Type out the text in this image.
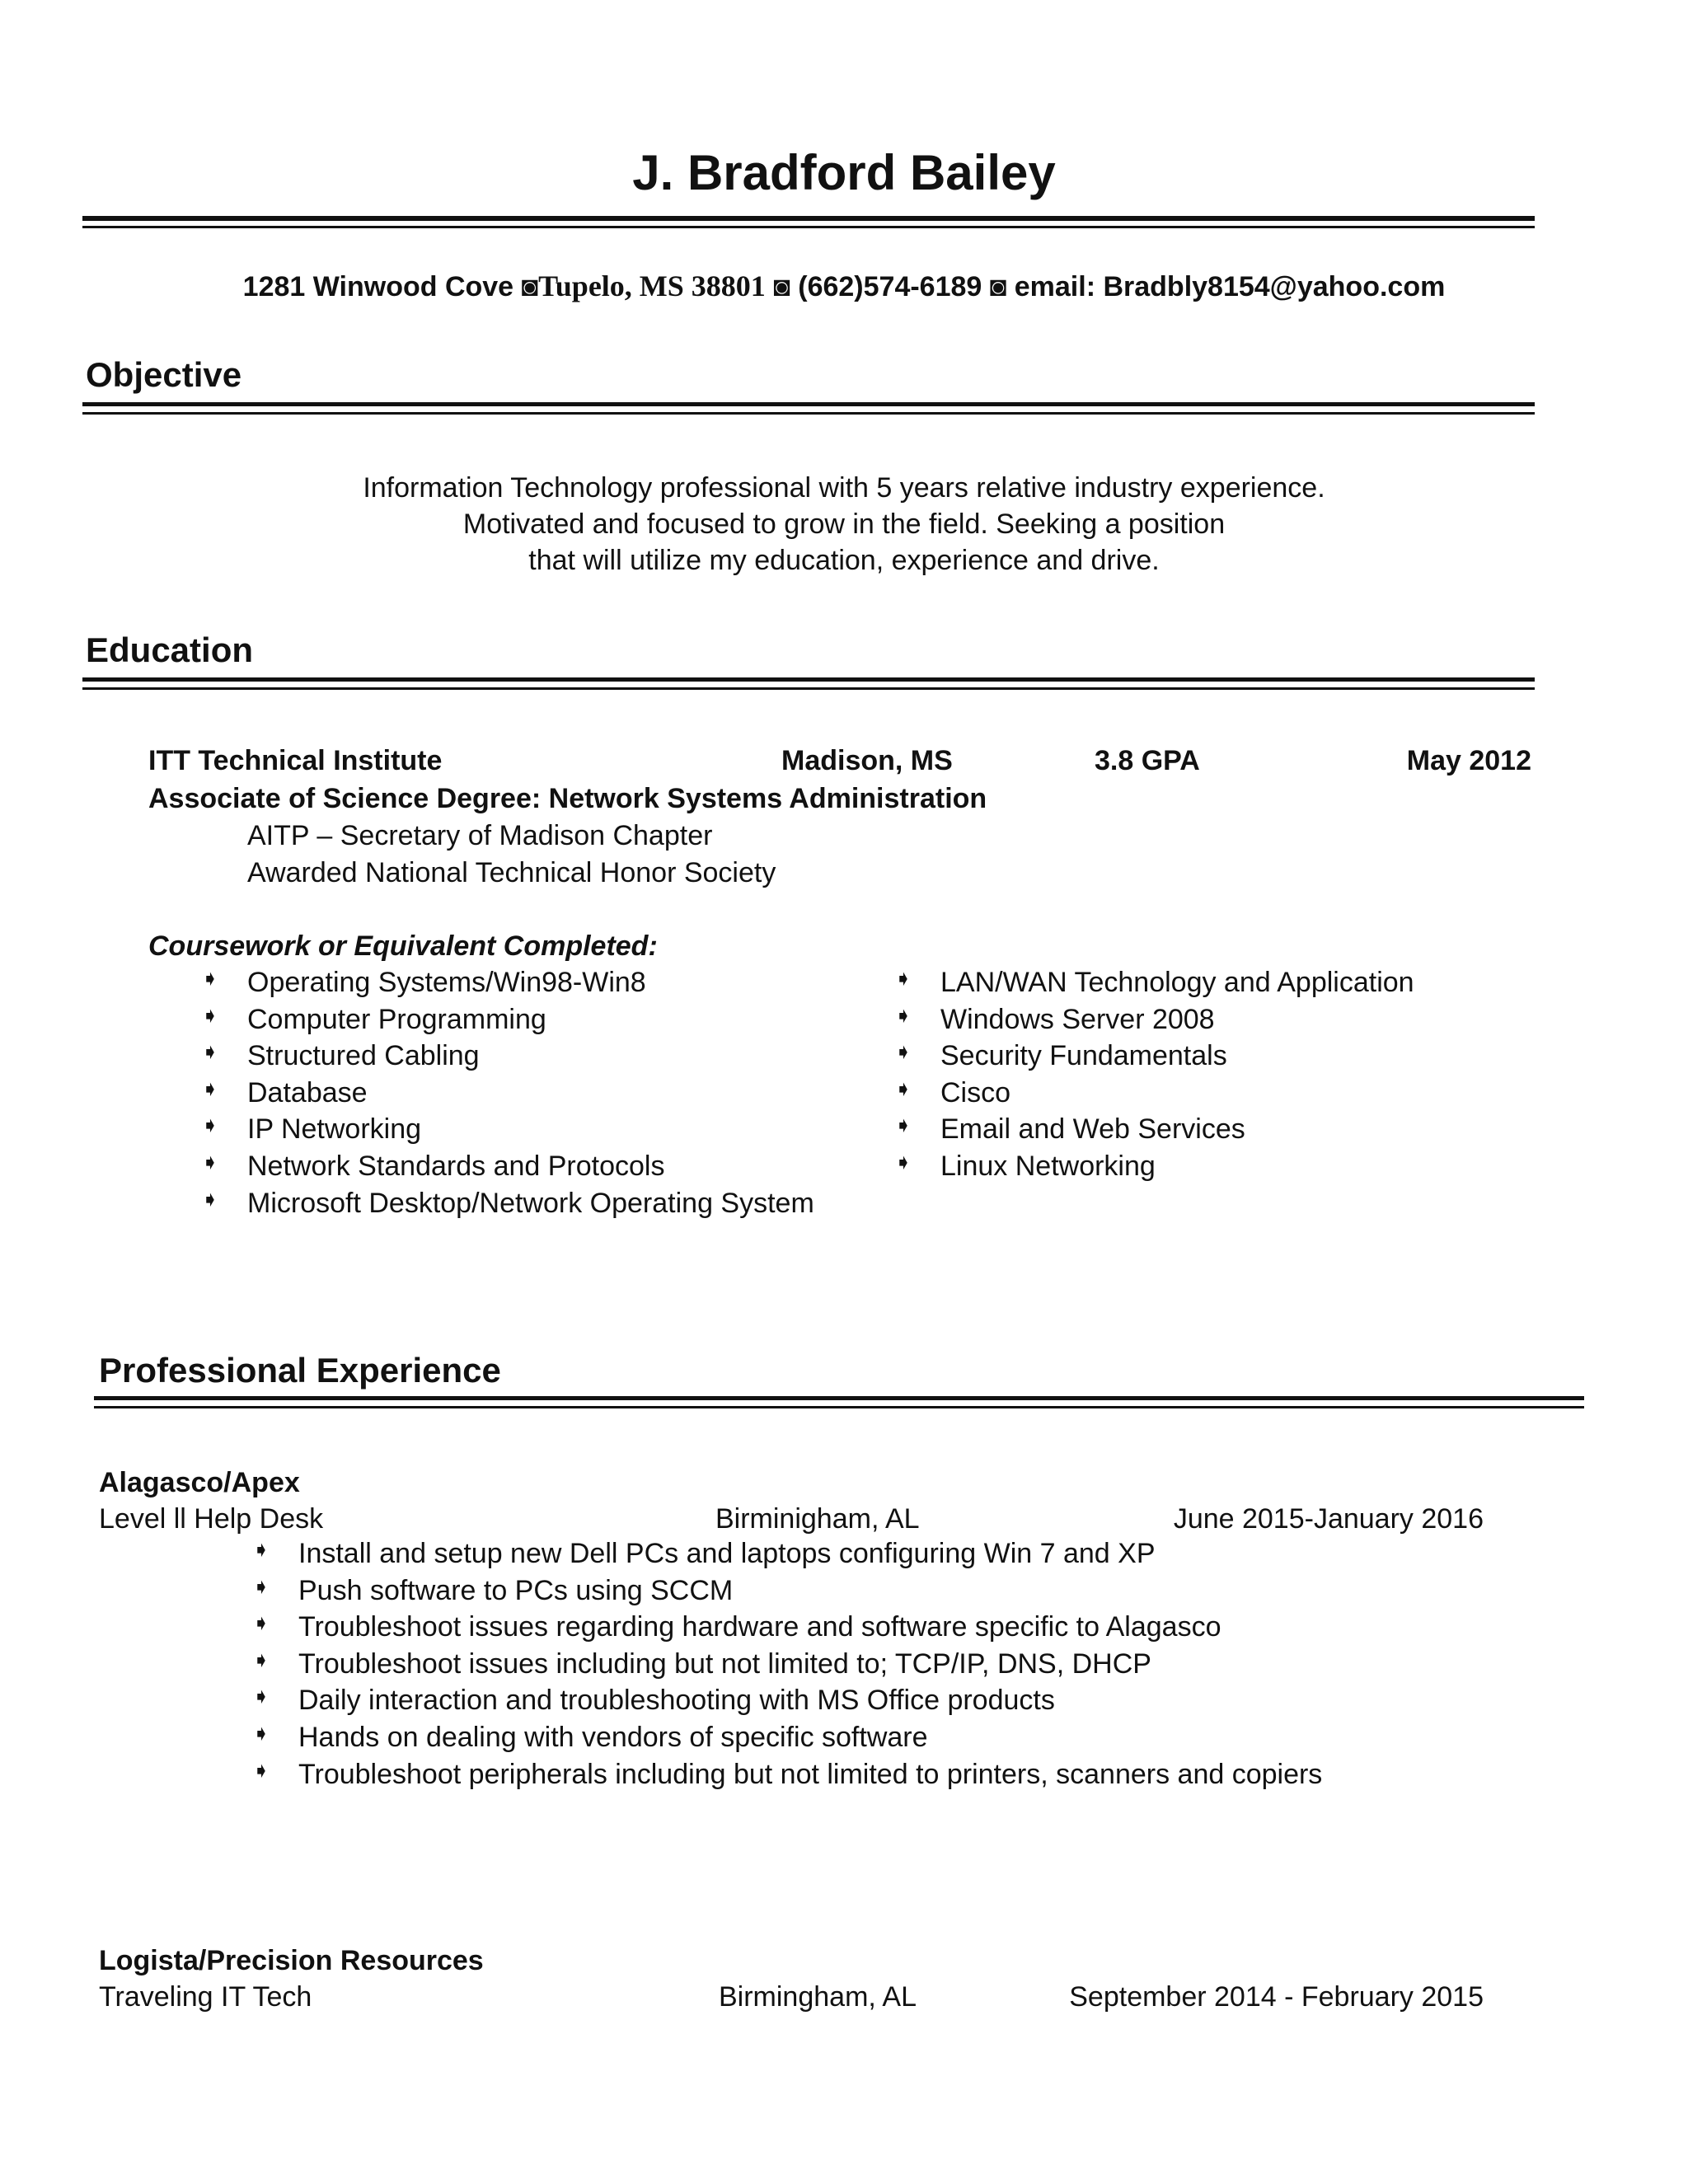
J. Bradford Bailey
1281 Winwood Cove ◙Tupelo, MS 38801 ◙ (662)574-6189 ◙ email: Bradbly8154@yahoo.com
Objective
Information Technology professional with 5 years relative industry experience.
Motivated and focused to grow in the field. Seeking a position
that will utilize my education, experience and drive.
Education
ITT Technical Institute	Madison, MS	3.8 GPA	May 2012
Associate of Science Degree: Network Systems Administration
AITP – Secretary of Madison Chapter
Awarded National Technical Honor Society
Coursework or Equivalent Completed:
➧ Operating Systems/Win98-Win8
➧ Computer Programming
➧ Structured Cabling
➧ Database
➧ IP Networking
➧ Network Standards and Protocols
➧ Microsoft Desktop/Network Operating System
➧ LAN/WAN Technology and Application
➧ Windows Server 2008
➧ Security Fundamentals
➧ Cisco
➧ Email and Web Services
➧ Linux Networking
Professional Experience
Alagasco/Apex
Level ll Help Desk	Birminigham, AL	June 2015-January 2016
➧ Install and setup new Dell PCs and laptops configuring Win 7 and XP
➧ Push software to PCs using SCCM
➧ Troubleshoot issues regarding hardware and software specific to Alagasco
➧ Troubleshoot issues including but not limited to; TCP/IP, DNS, DHCP
➧ Daily interaction and troubleshooting with MS Office products
➧ Hands on dealing with vendors of specific software
➧ Troubleshoot peripherals including but not limited to printers, scanners and copiers
Logista/Precision Resources
Traveling IT Tech	Birmingham, AL	September 2014 - February 2015
